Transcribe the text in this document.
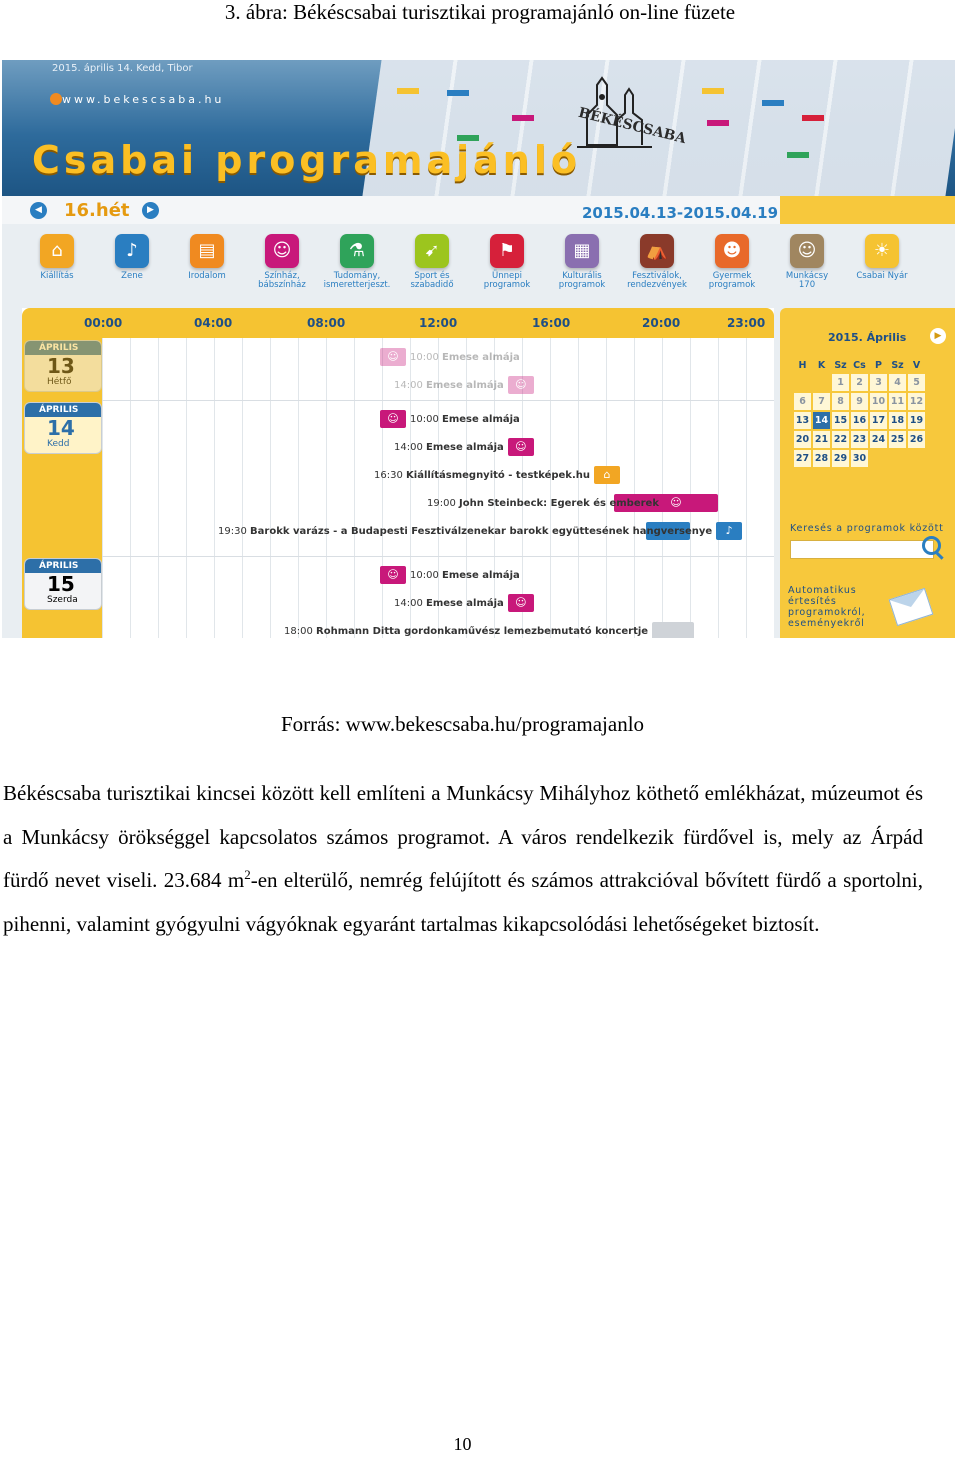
3. ábra: Békéscsabai turisztikai programajánló on-line füzete
2015. április 14. Kedd, Tibor
www.bekescsaba.hu
Csabai programajánló
BÉKÉSCSABA
◀ 16.hét	▶	2015.04.13-2015.04.19
⌂
Kiállítás
♪
Zene
▤
Irodalom
☺
Színház,
bábszínház
⚗
Tudomány,
ismeretterjeszt.
➹
Sport és
szabadidő
⚑
Ünnepi
programok
▦
Kulturális
programok
⛺
Fesztiválok,
rendezvények
☻
Gyermek
programok
☺
Munkácsy
170
☀
Csabai Nyár
00:00	04:00	08:00	12:00	16:00	20:00	23:00
ÁPRILIS
13
Hétfő
ÁPRILIS
14
Kedd
ÁPRILIS
15
Szerda
☺	10:00
Emese almája
14:00
Emese almája	☺
☺	10:00
Emese almája
14:00
Emese almája	☺
16:30
Kiállításmegnyitó - testképek.hu	⌂
19:00
John Steinbeck: Egerek és emberek	☺
19:30
Barokk varázs - a Budapesti Fesztiválzenekar barokk együttesének hangversenye	♪
☺	10:00
Emese almája
14:00
Emese almája	☺
18:00
Rohmann Ditta gordonkaművész lemezbemutató koncertje
2015. Április	▶
H	K	Sz	Cs	P	Sz	V
		1	2	3	4	5
6	7	8	9	10	11	12
13	14	15	16	17	18	19
20	21	22	23	24	25	26
27	28	29	30			
Keresés a programok között
Automatikus
értesítés
programokról,
eseményekről
Forrás: www.bekescsaba.hu/programajanlo
Békéscsaba turisztikai kincsei között kell említeni a Munkácsy Mihályhoz köthető emlékházat, múzeumot és a Munkácsy örökséggel kapcsolatos számos programot. A város rendelkezik fürdővel is, mely az Árpád fürdő nevet viseli. 23.684 $m^2-en$ elterülő, nemrég felújított és számos attrakcióval bővített fürdő a sportolni, pihenni, valamint gyógyulni vágyóknak egyaránt tartalmas kikapcsolódási lehetőségeket biztosít.
10
